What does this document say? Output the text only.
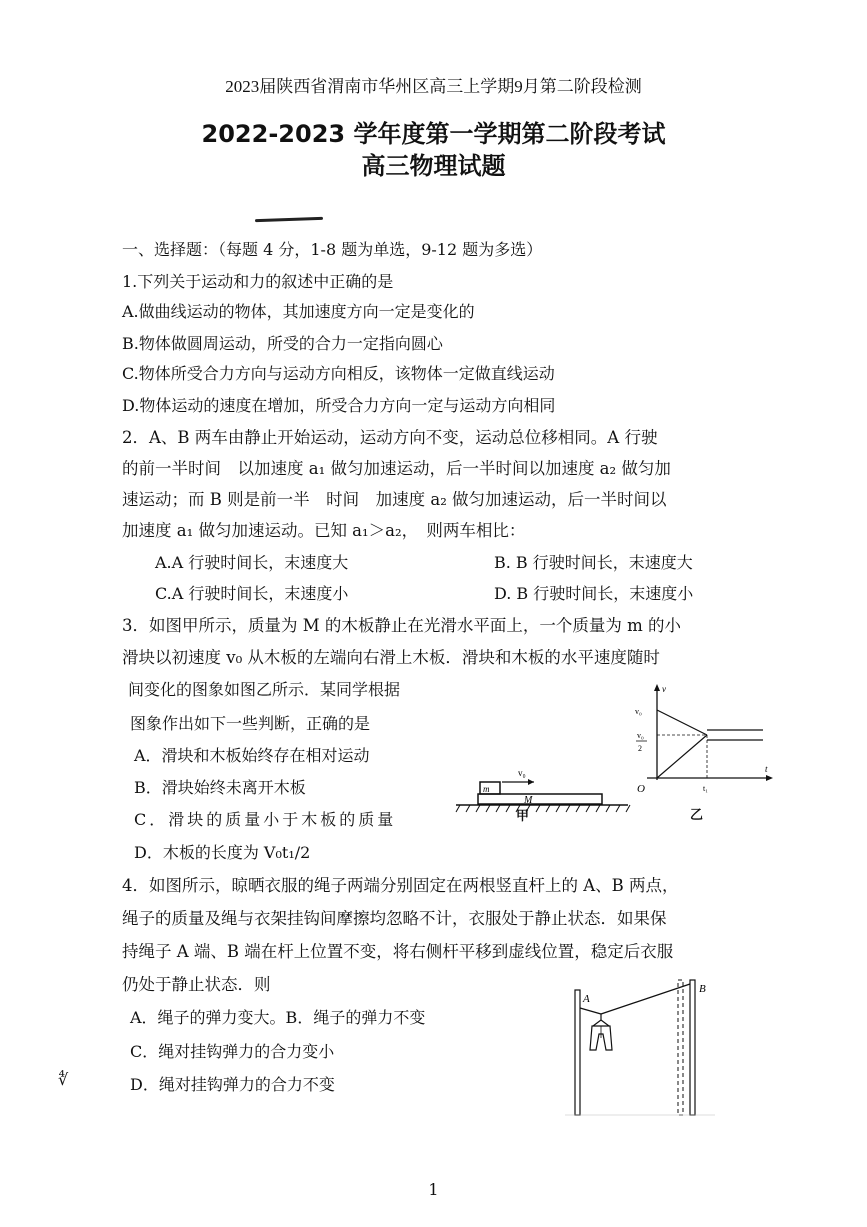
2023届陕西省渭南市华州区高三上学期9月第二阶段检测
2022-2023 学年度第一学期第二阶段考试
高三物理试题
一、选择题：（每题 4 分，1-8 题为单选，9-12 题为多选）
1.下列关于运动和力的叙述中正确的是
A.做曲线运动的物体，其加速度方向一定是变化的
B.物体做圆周运动，所受的合力一定指向圆心
C.物体所受合力方向与运动方向相反，该物体一定做直线运动
D.物体运动的速度在增加，所受合力方向一定与运动方向相同
2．A、B 两车由静止开始运动，运动方向不变，运动总位移相同。A 行驶
的前一半时间　以加速度 a₁ 做匀加速运动，后一半时间以加速度 a₂ 做匀加
速运动；而 B 则是前一半　时间　加速度 a₂ 做匀加速运动，后一半时间以
加速度 a₁ 做匀加速运动。已知 a₁＞a₂，　则两车相比：
A.A 行驶时间长，末速度大	B. B 行驶时间长，末速度大
C.A 行驶时间长，末速度小	D. B 行驶时间长，末速度小
3．如图甲所示，质量为 M 的木板静止在光滑水平面上，一个质量为 m 的小
滑块以初速度 v₀ 从木板的左端向右滑上木板．滑块和木板的水平速度随时
间变化的图象如图乙所示．某同学根据
图象作出如下一些判断，正确的是
A．滑块和木板始终存在相对运动
B．滑块始终未离开木板
C．滑块的质量小于木板的质量
D．木板的长度为 V₀t₁/2
m
v₀
M
甲
v
t
O
v₀
v₀
2
t₁
乙
4．如图所示，晾晒衣服的绳子两端分别固定在两根竖直杆上的 A、B 两点，
绳子的质量及绳与衣架挂钩间摩擦均忽略不计，衣服处于静止状态．如果保
持绳子 A 端、B 端在杆上位置不变，将右侧杆平移到虚线位置，稳定后衣服
仍处于静止状态．则
A．绳子的弹力变大。B．绳子的弹力不变
C．绳对挂钩弹力的合力变小
D．绳对挂钩弹力的合力不变
A
B
∜
1
